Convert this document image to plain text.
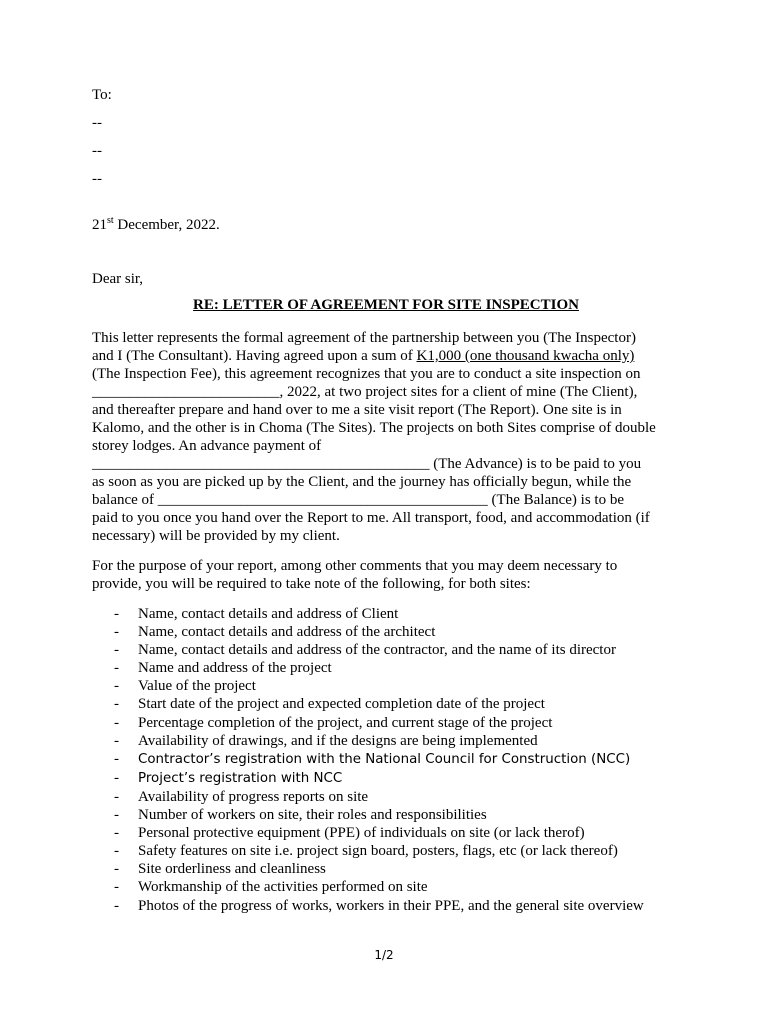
To:

--

--

--

21st December, 2022.

Dear sir,

RE: LETTER OF AGREEMENT FOR SITE INSPECTION

This letter represents the formal agreement of the partnership between you (The Inspector)
and I (The Consultant). Having agreed upon a sum of K1,000 (one thousand kwacha only)
(The Inspection Fee), this agreement recognizes that you are to conduct a site inspection on
_________________________, 2022, at two project sites for a client of mine (The Client),
and thereafter prepare and hand over to me a site visit report (The Report). One site is in
Kalomo, and the other is in Choma (The Sites). The projects on both Sites comprise of double
storey lodges. An advance payment of
_____________________________________________ (The Advance) is to be paid to you
as soon as you are picked up by the Client, and the journey has officially begun, while the
balance of ____________________________________________ (The Balance) is to be
paid to you once you hand over the Report to me. All transport, food, and accommodation (if
necessary) will be provided by my client.
For the purpose of your report, among other comments that you may deem necessary to
provide, you will be required to take note of the following, for both sites:
- Name, contact details and address of Client
- Name, contact details and address of the architect
- Name, contact details and address of the contractor, and the name of its director
- Name and address of the project
- Value of the project
- Start date of the project and expected completion date of the project
- Percentage completion of the project, and current stage of the project
- Availability of drawings, and if the designs are being implemented
- Contractor’s registration with the National Council for Construction (NCC)
- Project’s registration with NCC
- Availability of progress reports on site
- Number of workers on site, their roles and responsibilities
- Personal protective equipment (PPE) of individuals on site (or lack therof)
- Safety features on site i.e. project sign board, posters, flags, etc (or lack thereof)
- Site orderliness and cleanliness
- Workmanship of the activities performed on site
- Photos of the progress of works, workers in their PPE, and the general site overview
1/2
